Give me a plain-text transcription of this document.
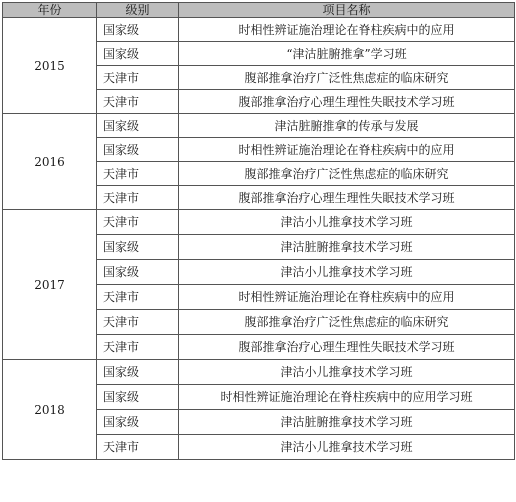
年份	级别	项目名称
2015	国家级	时相性辨证施治理论在脊柱疾病中的应用
	国家级	“津沽脏腑推拿”学习班
	天津市	腹部推拿治疗广泛性焦虑症的临床研究
	天津市	腹部推拿治疗心理生理性失眠技术学习班
2016	国家级	津沽脏腑推拿的传承与发展
	国家级	时相性辨证施治理论在脊柱疾病中的应用
	天津市	腹部推拿治疗广泛性焦虑症的临床研究
	天津市	腹部推拿治疗心理生理性失眠技术学习班
2017	天津市	津沽小儿推拿技术学习班
	国家级	津沽脏腑推拿技术学习班
	国家级	津沽小儿推拿技术学习班
	天津市	时相性辨证施治理论在脊柱疾病中的应用
	天津市	腹部推拿治疗广泛性焦虑症的临床研究
	天津市	腹部推拿治疗心理生理性失眠技术学习班
2018	国家级	津沽小儿推拿技术学习班
	国家级	时相性辨证施治理论在脊柱疾病中的应用学习班
	国家级	津沽脏腑推拿技术学习班
	天津市	津沽小儿推拿技术学习班
